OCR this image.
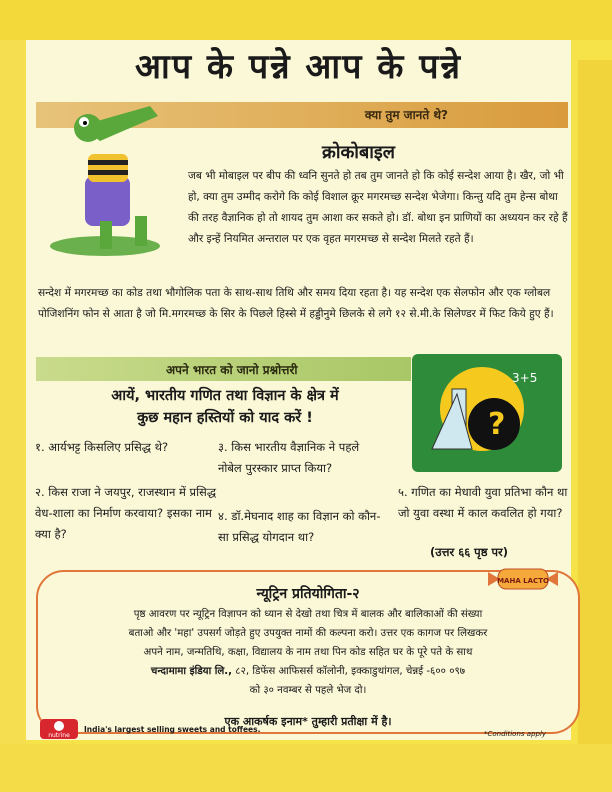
आप के पन्ने आप के पन्ने
क्या तुम जानते थे?
क्रोकोबाइल
जब भी मोबाइल पर बीप की ध्वनि सुनते हो तब तुम जानते हो कि कोई सन्देश आया है। खैर, जो भी हो, क्या तुम उम्मीद करोगे कि कोई विशाल क्रूर मगरमच्छ सन्देश भेजेगा। किन्तु यदि तुम हेन्स बोथा की तरह वैज्ञानिक हो तो शायद तुम आशा कर सकते हो। डॉ. बोथा इन प्राणियों का अध्ययन कर रहे हैं और इन्हें नियमित अन्तराल पर एक वृहत मगरमच्छ से सन्देश मिलते रहते हैं।
सन्देश में मगरमच्छ का कोड तथा भौगोलिक पता के साथ-साथ तिथि और समय दिया रहता है। यह सन्देश एक सेलफोन और एक ग्लोबल पोजिशनिंग फोन से आता है जो मि.मगरमच्छ के सिर के पिछले हिस्से में हड्डीनुमे छिलके से लगे १२ से.मी.के सिलेण्डर में फिट किये हुए हैं।
अपने भारत को जानो प्रश्नोत्तरी
आयें, भारतीय गणित तथा विज्ञान के क्षेत्र में
कुछ महान हस्तियों को याद करें !	?
3+5
१. आर्यभट्ट किसलिए प्रसिद्ध थे?
२. किस राजा ने जयपुर, राजस्थान में प्रसिद्ध वेध-शाला का निर्माण करवाया? इसका नाम क्या है?
३. किस भारतीय वैज्ञानिक ने पहले नोबेल पुरस्कार प्राप्त किया?
४. डॉ.मेघनाद शाह का विज्ञान को कौन-सा प्रसिद्ध योगदान था?
५. गणित का मेधावी युवा प्रतिभा कौन था जो युवा वस्था में काल कवलित हो गया?
(उत्तर ६६ पृष्ठ पर)
न्यूट्रिन प्रतियोगिता-२
पृष्ठ आवरण पर न्यूट्रिन विज्ञापन को ध्यान से देखो तथा चित्र में बालक और बालिकाओं की संख्या
बताओ और 'महा' उपसर्ग जोड़ते हुए उपयुक्त नामों की कल्पना करो। उत्तर एक कागज पर लिखकर
अपने नाम, जन्मतिथि, कक्षा, विद्यालय के नाम तथा पिन कोड सहित घर के पूरे पते के साथ
चन्दामामा इंडिया लि., ८२, डिफेंस आफिसर्स कॉलोनी, इक्काडुथांगल, चेन्नई -६०० ०९७
को ३० नवम्बर से पहले भेज दो।
एक आकर्षक इनाम* तुम्हारी प्रतीक्षा में है।
MAHA LACTO
nutrine
India's largest selling sweets and toffees.
*Conditions apply
